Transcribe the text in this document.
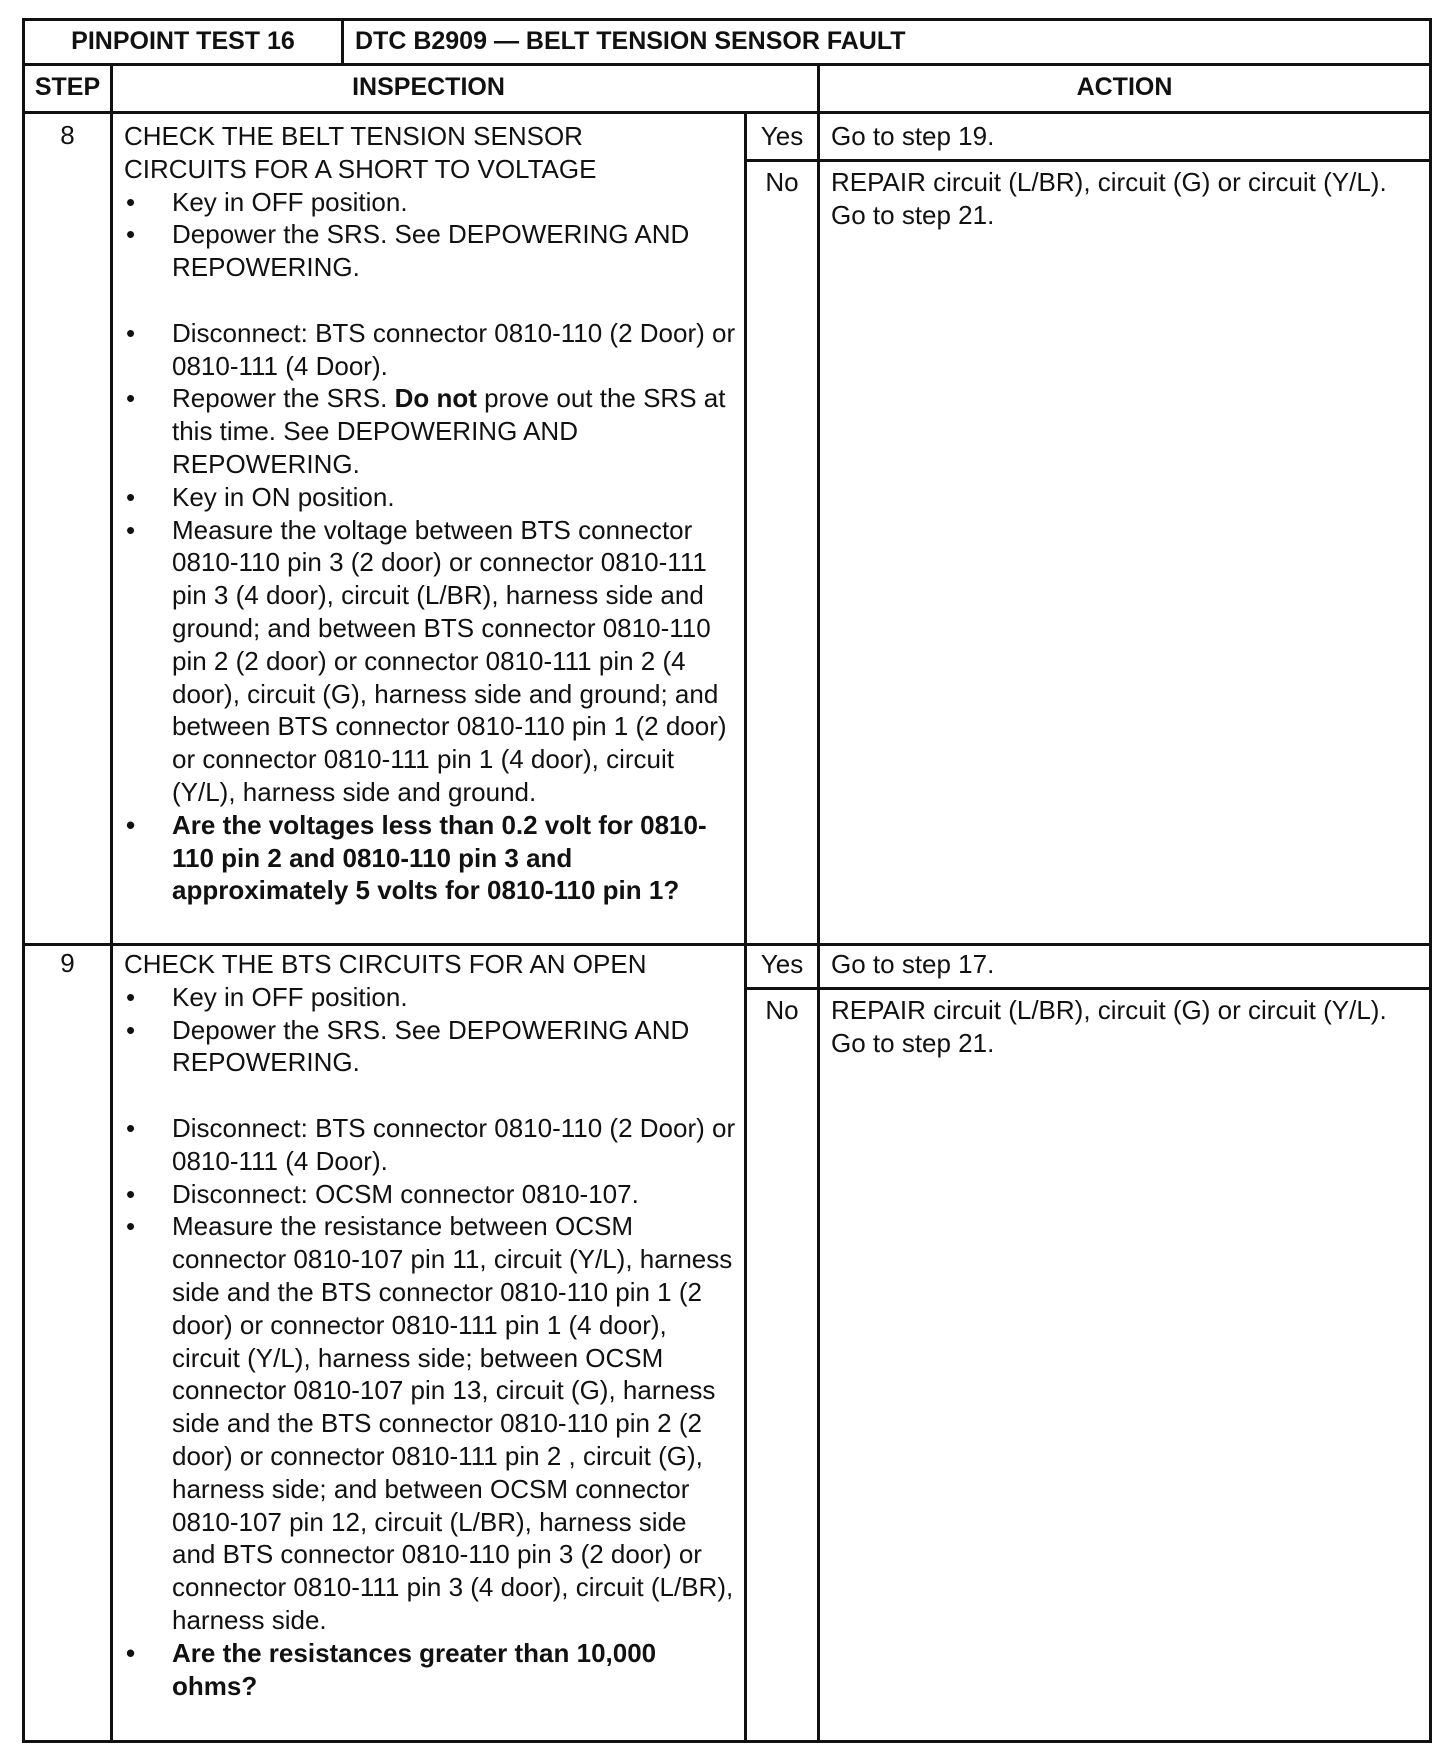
PINPOINT TEST 16	DTC B2909 — BELT TENSION SENSOR FAULT
STEP	INSPECTION	ACTION
8	CHECK THE BELT TENSION SENSOR
CIRCUITS FOR A SHORT TO VOLTAGE
• Key in OFF position.
• Depower the SRS. See DEPOWERING AND REPOWERING.
• Disconnect: BTS connector 0810-110 (2 Door) or 0810-111 (4 Door).
• Repower the SRS. Do not prove out the SRS at this time. See DEPOWERING AND REPOWERING.
• Key in ON position.
• Measure the voltage between BTS connector 0810-110 pin 3 (2 door) or connector 0810-111 pin 3 (4 door), circuit (L/BR), harness side and ground; and between BTS connector 0810-110 pin 2 (2 door) or connector 0810-111 pin 2 (4 door), circuit (G), harness side and ground; and between BTS connector 0810-110 pin 1 (2 door) or connector 0810-111 pin 1 (4 door), circuit (Y/L), harness side and ground.
• Are the voltages less than 0.2 volt for 0810-110 pin 2 and 0810-110 pin 3 and approximately 5 volts for 0810-110 pin 1?
Yes	Go to step 19.
No	REPAIR circuit (L/BR), circuit (G) or circuit (Y/L). Go to step 21.
9	CHECK THE BTS CIRCUITS FOR AN OPEN
• Key in OFF position.
• Depower the SRS. See DEPOWERING AND REPOWERING.
• Disconnect: BTS connector 0810-110 (2 Door) or 0810-111 (4 Door).
• Disconnect: OCSM connector 0810-107.
• Measure the resistance between OCSM connector 0810-107 pin 11, circuit (Y/L), harness side and the BTS connector 0810-110 pin 1 (2 door) or connector 0810-111 pin 1 (4 door), circuit (Y/L), harness side; between OCSM connector 0810-107 pin 13, circuit (G), harness side and the BTS connector 0810-110 pin 2 (2 door) or connector 0810-111 pin 2 , circuit (G), harness side; and between OCSM connector 0810-107 pin 12, circuit (L/BR), harness side and BTS connector 0810-110 pin 3 (2 door) or connector 0810-111 pin 3 (4 door), circuit (L/BR), harness side.
• Are the resistances greater than 10,000 ohms?
Yes	Go to step 17.
No	REPAIR circuit (L/BR), circuit (G) or circuit (Y/L). Go to step 21.
